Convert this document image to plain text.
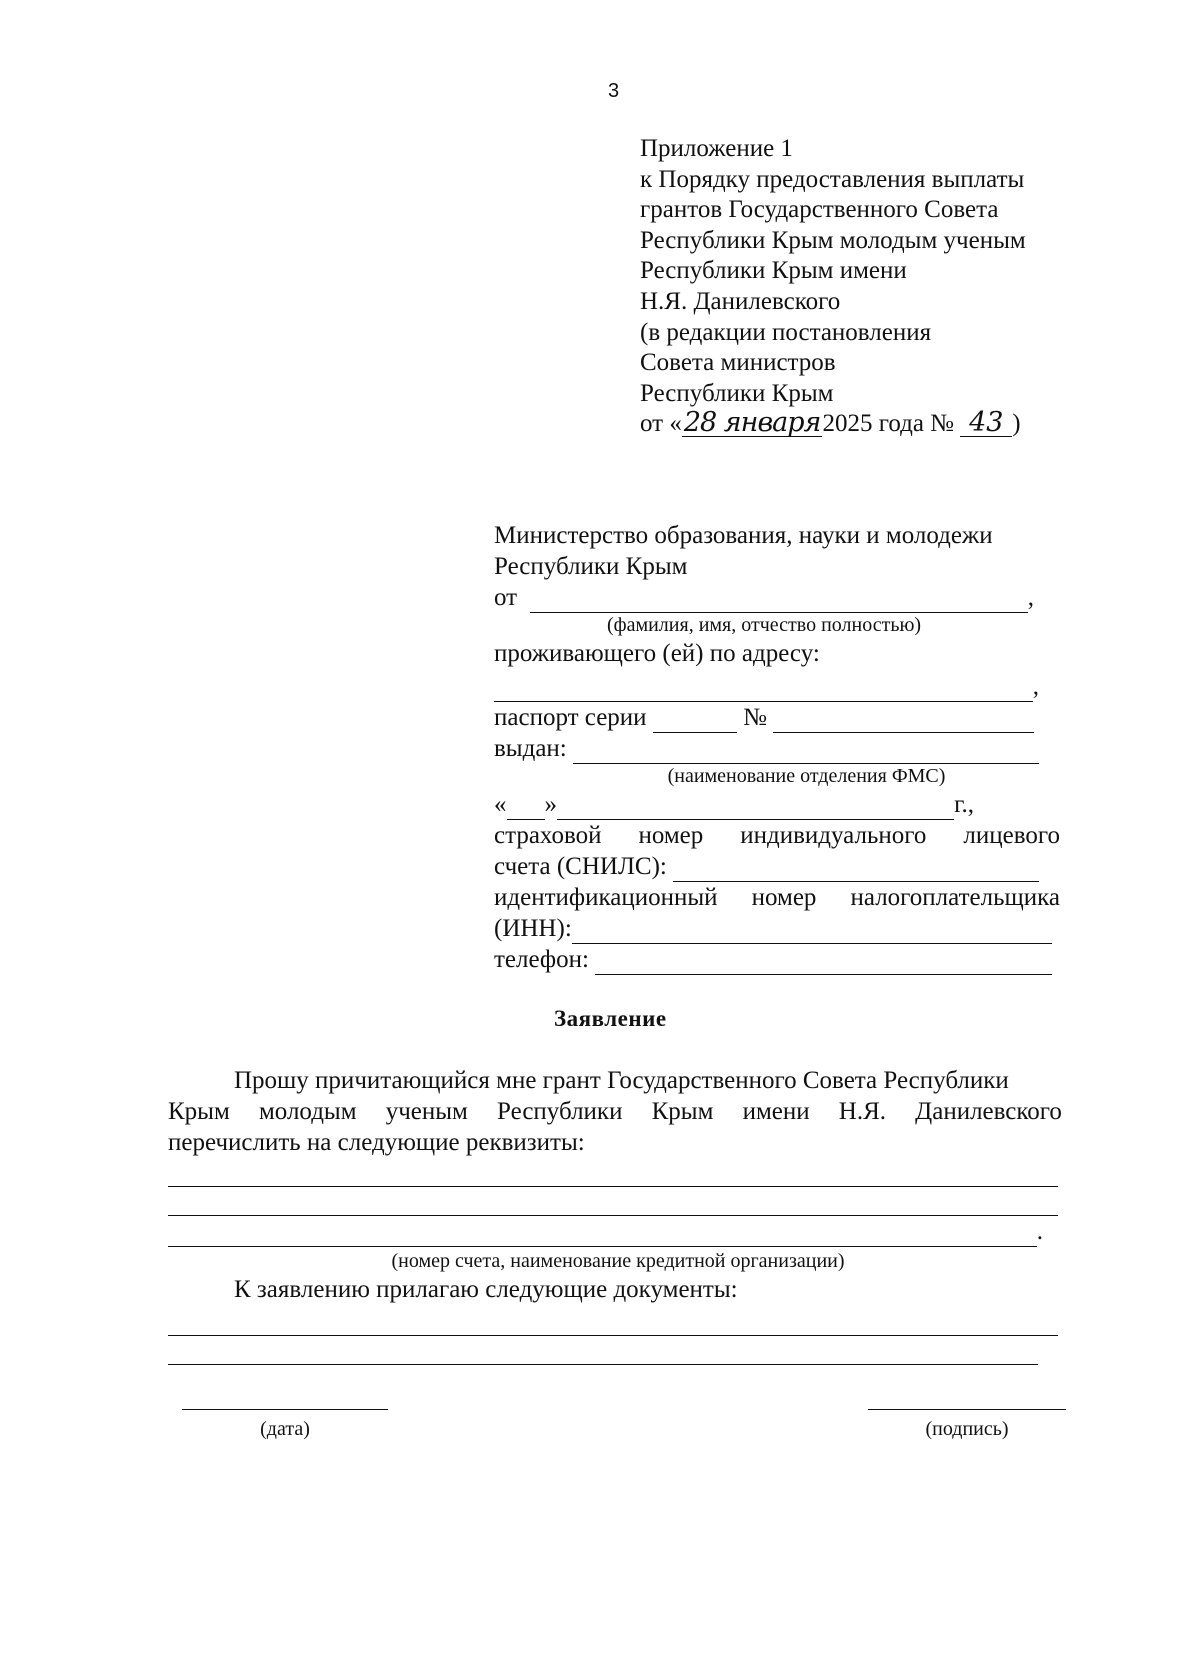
3
Приложение 1
к Порядку предоставления выплаты
грантов Государственного Совета
Республики Крым молодым ученым
Республики Крым имени
Н.Я. Данилевского
(в редакции постановления
Совета министров
Республики Крым
от «28 января2025 года № 43 )
Министерство образования, науки и молодежи
Республики Крым
от
	,
(фамилия, имя, отчество полностью)
проживающего (ей) по адресу:
,
паспорт серии

	№

выдан:

(наименование отделения ФМС)
« »	г.,
страховой номер индивидуального лицевого
счета (СНИЛС):

идентификационный номер налогоплательщика
(ИНН):
телефон:

Заявление
Прошу причитающийся мне грант Государственного Совета Республики
Крым молодым ученым Республики Крым имени Н.Я. Данилевского
перечислить на следующие реквизиты:
.
(номер счета, наименование кредитной организации)
К заявлению прилагаю следующие документы:
(дата)	(подпись)
